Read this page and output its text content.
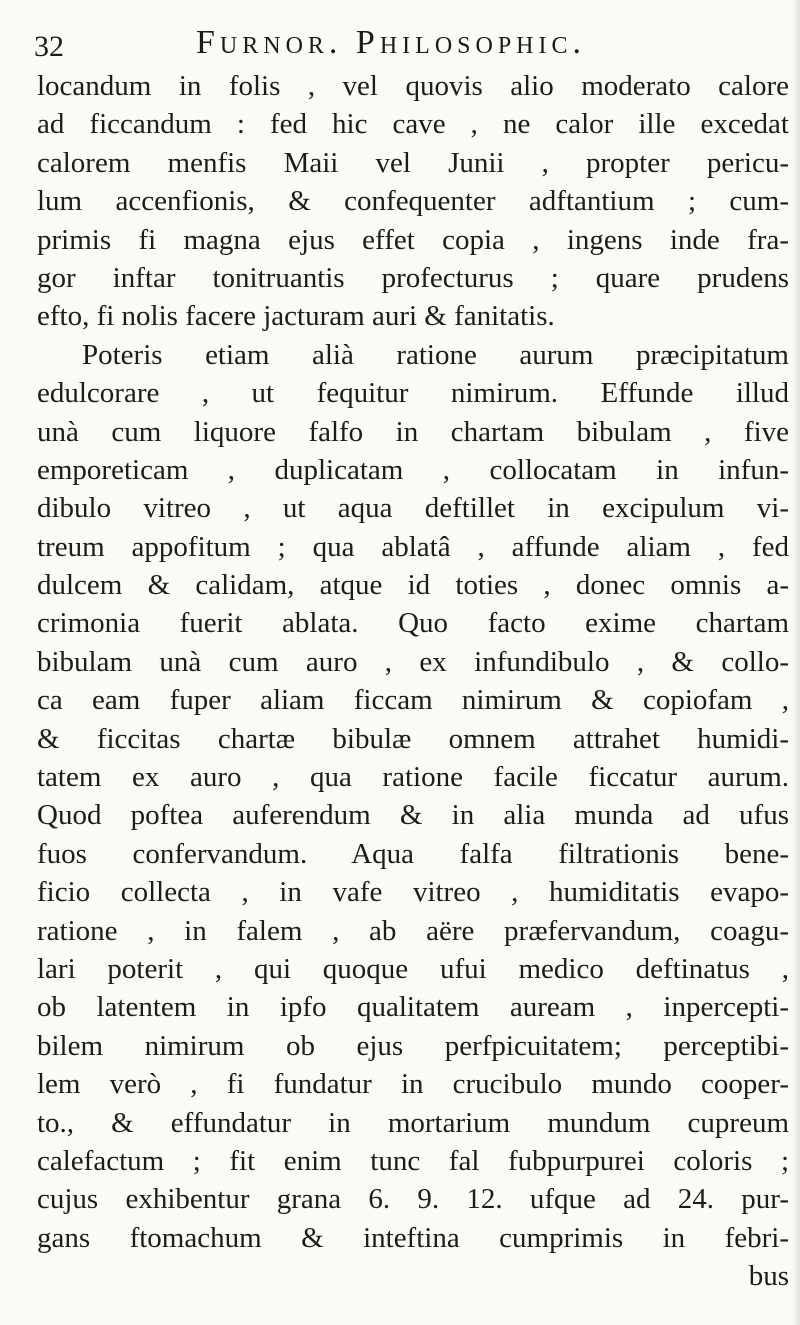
32	Furnor. Philosophic.
locandum in folis , vel quovis alio moderato calore
ad ficcandum : fed hic cave , ne calor ille excedat
calorem menfis Maii vel Junii , propter pericu-
lum accenfionis, & confequenter adftantium ; cum-
primis fi magna ejus effet copia , ingens inde fra-
gor inftar tonitruantis profecturus ; quare prudens
efto, fi nolis facere jacturam auri & fanitatis.
Poteris etiam alià ratione aurum præcipitatum
edulcorare , ut fequitur nimirum. Effunde illud
unà cum liquore falfo in chartam bibulam , five
emporeticam , duplicatam , collocatam in infun-
dibulo vitreo , ut aqua deftillet in excipulum vi-
treum appofitum ; qua ablatâ , affunde aliam , fed
dulcem & calidam, atque id toties , donec omnis a-
crimonia fuerit ablata. Quo facto exime chartam
bibulam unà cum auro , ex infundibulo , & collo-
ca eam fuper aliam ficcam nimirum & copiofam ,
& ficcitas chartæ bibulæ omnem attrahet humidi-
tatem ex auro , qua ratione facile ficcatur aurum.
Quod poftea auferendum & in alia munda ad ufus
fuos confervandum. Aqua falfa filtrationis bene-
ficio collecta , in vafe vitreo , humiditatis evapo-
ratione , in falem , ab aëre præfervandum, coagu-
lari poterit , qui quoque ufui medico deftinatus ,
ob latentem in ipfo qualitatem auream , inpercepti-
bilem nimirum ob ejus perfpicuitatem; perceptibi-
lem verò , fi fundatur in crucibulo mundo cooper-
to., & effundatur in mortarium mundum cupreum
calefactum ; fit enim tunc fal fubpurpurei coloris ;
cujus exhibentur grana 6. 9. 12. ufque ad 24. pur-
gans ftomachum & inteftina cumprimis in febri-
bus
